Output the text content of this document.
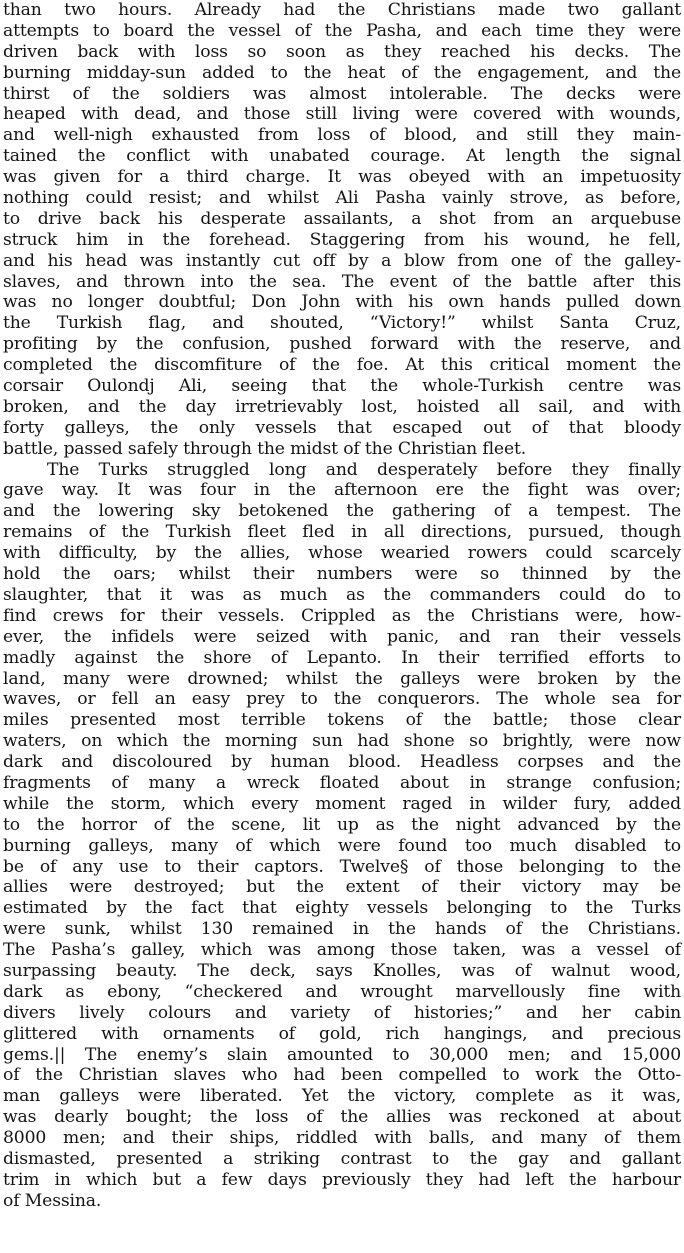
than two hours. Already had the Christians made two gallant
attempts to board the vessel of the Pasha, and each time they were
driven back with loss so soon as they reached his decks. The
burning midday-sun added to the heat of the engagement, and the
thirst of the soldiers was almost intolerable. The decks were
heaped with dead, and those still living were covered with wounds,
and well-nigh exhausted from loss of blood, and still they main-
tained the conflict with unabated courage. At length the signal
was given for a third charge. It was obeyed with an impetuosity
nothing could resist; and whilst Ali Pasha vainly strove, as before,
to drive back his desperate assailants, a shot from an arquebuse
struck him in the forehead. Staggering from his wound, he fell,
and his head was instantly cut off by a blow from one of the galley-
slaves, and thrown into the sea. The event of the battle after this
was no longer doubtful; Don John with his own hands pulled down
the Turkish flag, and shouted, “Victory!” whilst Santa Cruz,
profiting by the confusion, pushed forward with the reserve, and
completed the discomfiture of the foe. At this critical moment the
corsair Oulondj Ali, seeing that the whole-Turkish centre was
broken, and the day irretrievably lost, hoisted all sail, and with
forty galleys, the only vessels that escaped out of that bloody
battle, passed safely through the midst of the Christian fleet.
The Turks struggled long and desperately before they finally
gave way. It was four in the afternoon ere the fight was over;
and the lowering sky betokened the gathering of a tempest. The
remains of the Turkish fleet fled in all directions, pursued, though
with difficulty, by the allies, whose wearied rowers could scarcely
hold the oars; whilst their numbers were so thinned by the
slaughter, that it was as much as the commanders could do to
find crews for their vessels. Crippled as the Christians were, how-
ever, the infidels were seized with panic, and ran their vessels
madly against the shore of Lepanto. In their terrified efforts to
land, many were drowned; whilst the galleys were broken by the
waves, or fell an easy prey to the conquerors. The whole sea for
miles presented most terrible tokens of the battle; those clear
waters, on which the morning sun had shone so brightly, were now
dark and discoloured by human blood. Headless corpses and the
fragments of many a wreck floated about in strange confusion;
while the storm, which every moment raged in wilder fury, added
to the horror of the scene, lit up as the night advanced by the
burning galleys, many of which were found too much disabled to
be of any use to their captors. Twelve§ of those belonging to the
allies were destroyed; but the extent of their victory may be
estimated by the fact that eighty vessels belonging to the Turks
were sunk, whilst 130 remained in the hands of the Christians.
The Pasha’s galley, which was among those taken, was a vessel of
surpassing beauty. The deck, says Knolles, was of walnut wood,
dark as ebony, “checkered and wrought marvellously fine with
divers lively colours and variety of histories;” and her cabin
glittered with ornaments of gold, rich hangings, and precious
gems.|| The enemy’s slain amounted to 30,000 men; and 15,000
of the Christian slaves who had been compelled to work the Otto-
man galleys were liberated. Yet the victory, complete as it was,
was dearly bought; the loss of the allies was reckoned at about
8000 men; and their ships, riddled with balls, and many of them
dismasted, presented a striking contrast to the gay and gallant
trim in which but a few days previously they had left the harbour
of Messina.
